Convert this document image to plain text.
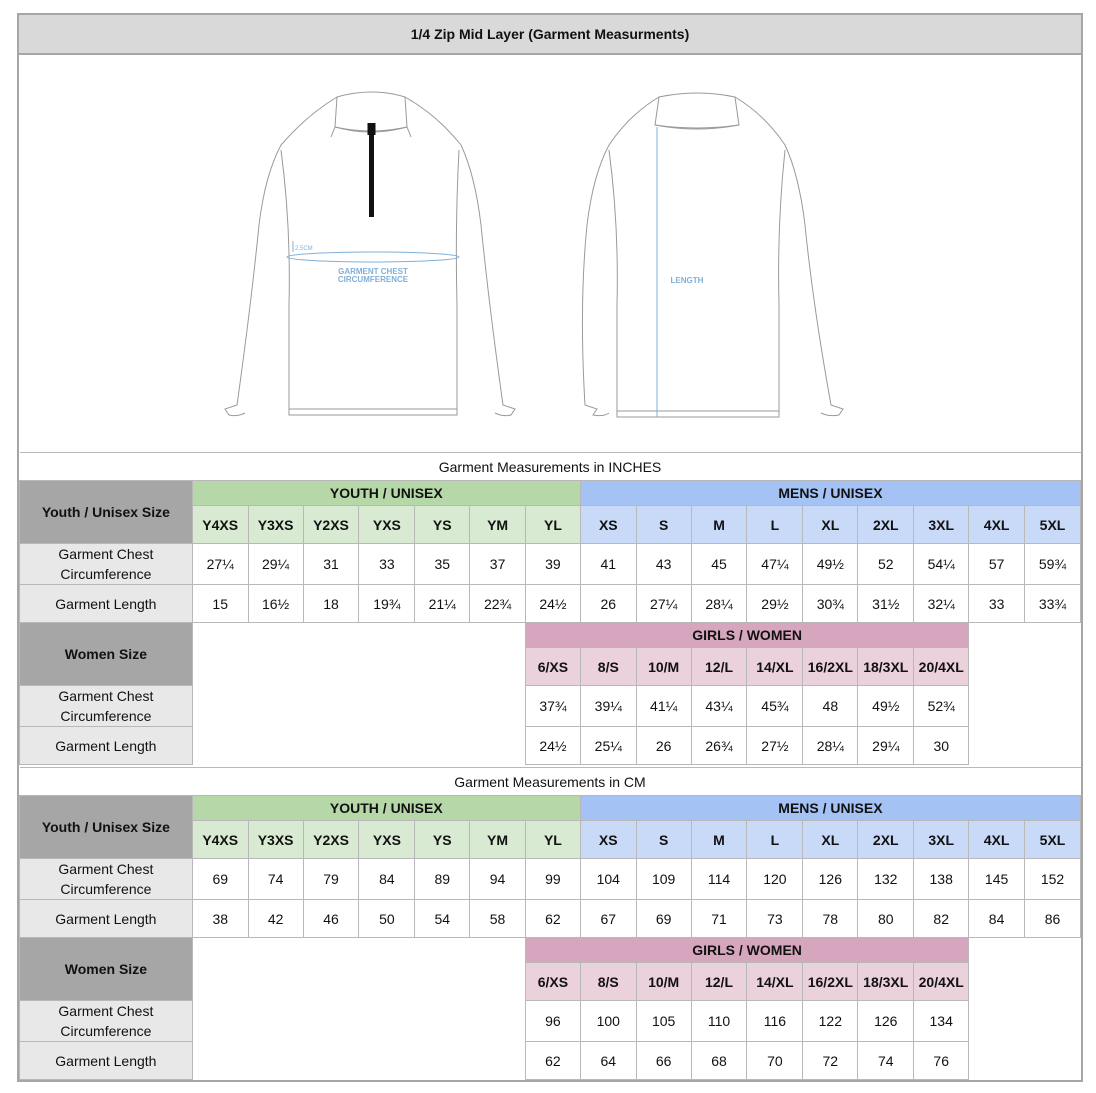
1/4 Zip Mid Layer (Garment Measurments)
2.5CM
GARMENT CHEST
CIRCUMFERENCE	LENGTH
Garment Measurements in INCHES																
Youth / Unisex Size	YOUTH / UNISEX							MENS / UNISEX								
	Y4XS	Y3XS	Y2XS	YXS	YS	YM	YL	XS	S	M	L	XL	2XL	3XL	4XL	5XL
Garment Chest Circumference	27¼	29¼	31	33	35	37	39	41	43	45	47¼	49½	52	54¼	57	59¾
Garment Length	15	16½	18	19¾	21¼	22¾	24½	26	27¼	28¼	29½	30¾	31½	32¼	33	33¾
Women Size							GIRLS / WOMEN									
							6/XS	8/S	10/M	12/L	14/XL	16/2XL	18/3XL	20/4XL		
Garment Chest Circumference							37¾	39¼	41¼	43¼	45¾	48	49½	52¾		
Garment Length							24½	25¼	26	26¾	27½	28¼	29¼	30		
Garment Measurements in CM																
Youth / Unisex Size	YOUTH / UNISEX							MENS / UNISEX								
	Y4XS	Y3XS	Y2XS	YXS	YS	YM	YL	XS	S	M	L	XL	2XL	3XL	4XL	5XL
Garment Chest Circumference	69	74	79	84	89	94	99	104	109	114	120	126	132	138	145	152
Garment Length	38	42	46	50	54	58	62	67	69	71	73	78	80	82	84	86
Women Size							GIRLS / WOMEN									
							6/XS	8/S	10/M	12/L	14/XL	16/2XL	18/3XL	20/4XL		
Garment Chest Circumference							96	100	105	110	116	122	126	134		
Garment Length							62	64	66	68	70	72	74	76		
